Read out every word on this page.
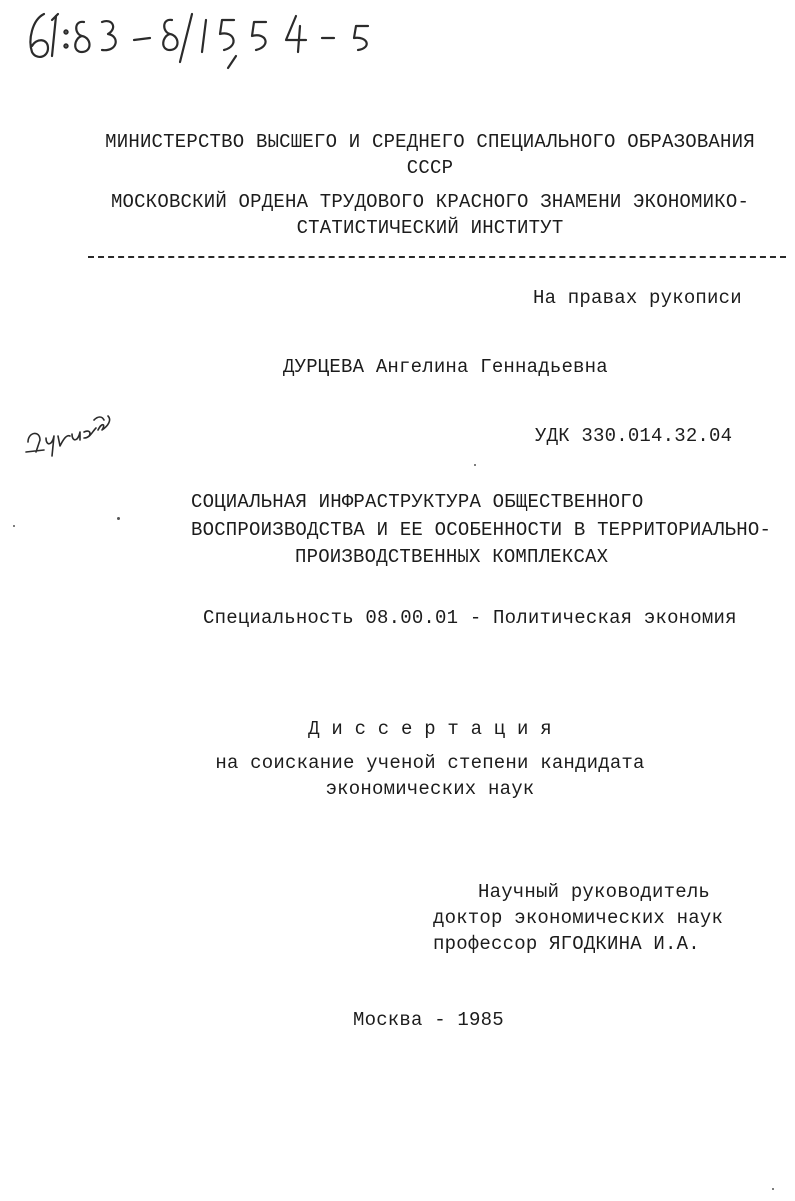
МИНИСТЕРСТВО ВЫСШЕГО И СРЕДНЕГО СПЕЦИАЛЬНОГО ОБРАЗОВАНИЯ
СССР
МОСКОВСКИЙ ОРДЕНА ТРУДОВОГО КРАСНОГО ЗНАМЕНИ ЭКОНОМИКО-
СТАТИСТИЧЕСКИЙ ИНСТИТУТ
На правах рукописи
ДУРЦЕВА Ангелина Геннадьевна
УДК 330.014.32.04
СОЦИАЛЬНАЯ ИНФРАСТРУКТУРА ОБЩЕСТВЕННОГО
ВОСПРОИЗВОДСТВА И ЕЕ ОСОБЕННОСТИ В ТЕРРИТОРИАЛЬНО-
ПРОИЗВОДСТВЕННЫХ КОМПЛЕКСАХ
Специальность 08.00.01 - Политическая экономия
Д и с с е р т а ц и я
на соискание ученой степени кандидата
экономических наук
Научный руководитель
доктор экономических наук
профессор ЯГОДКИНА И.А.
Москва - 1985
